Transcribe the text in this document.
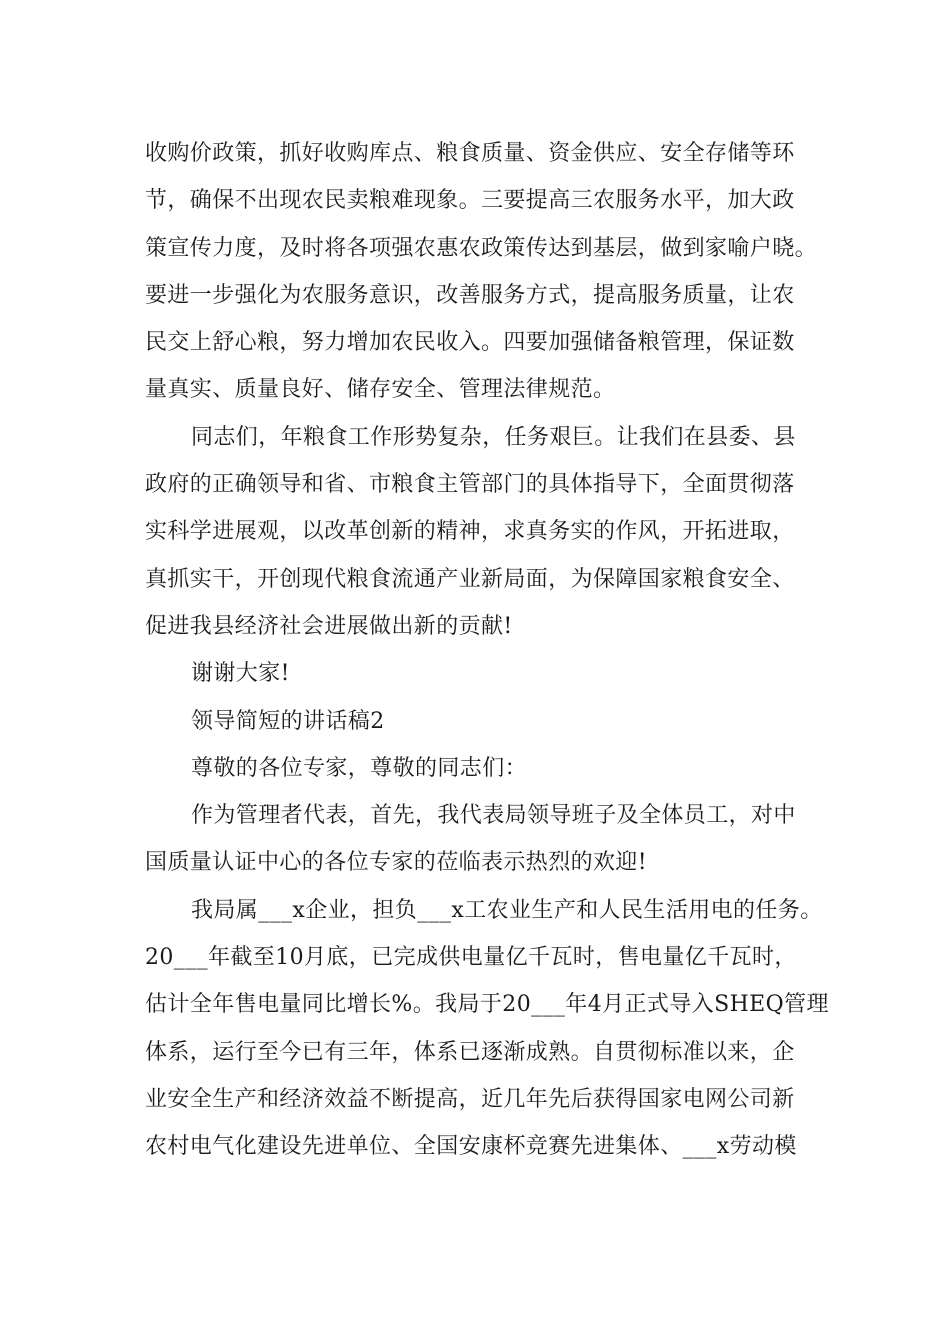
收购价政策，抓好收购库点、粮食质量、资金供应、安全存储等环
节，确保不出现农民卖粮难现象。三要提高三农服务水平，加大政
策宣传力度，及时将各项强农惠农政策传达到基层，做到家喻户晓。
要进一步强化为农服务意识，改善服务方式，提高服务质量，让农
民交上舒心粮，努力增加农民收入。四要加强储备粮管理，保证数
量真实、质量良好、储存安全、管理法律规范。
同志们，年粮食工作形势复杂，任务艰巨。让我们在县委、县
政府的正确领导和省、市粮食主管部门的具体指导下，全面贯彻落
实科学进展观，以改革创新的精神，求真务实的作风，开拓进取，
真抓实干，开创现代粮食流通产业新局面，为保障国家粮食安全、
促进我县经济社会进展做出新的贡献!
谢谢大家!
领导简短的讲话稿2
尊敬的各位专家，尊敬的同志们：
作为管理者代表，首先，我代表局领导班子及全体员工，对中
国质量认证中心的各位专家的莅临表示热烈的欢迎!
我局属___x企业，担负___x工农业生产和人民生活用电的任务。
20___年截至10月底，已完成供电量亿千瓦时，售电量亿千瓦时，
估计全年售电量同比增长%。我局于20___年4月正式导入SHEQ管理
体系，运行至今已有三年，体系已逐渐成熟。自贯彻标准以来，企
业安全生产和经济效益不断提高，近几年先后获得国家电网公司新
农村电气化建设先进单位、全国安康杯竞赛先进集体、___x劳动模
